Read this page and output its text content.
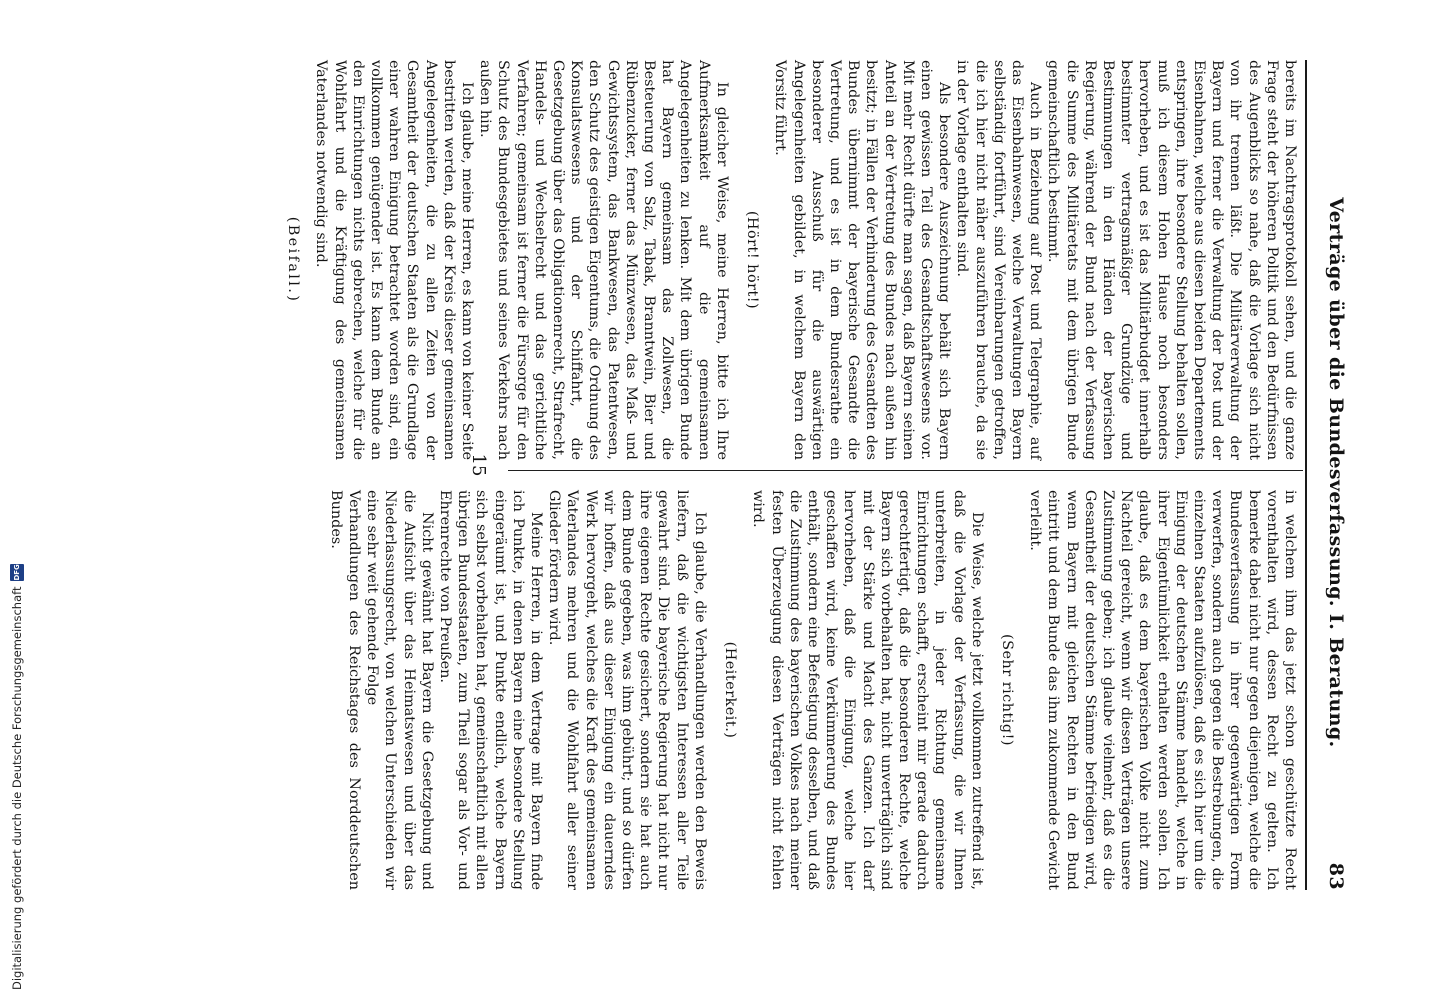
Verträge über die Bundesverfassung. I. Beratung.
83

bereits im Nachtragsprotokoll sehen, und die ganze Frage steht der höheren Politik und den Bedürfnissen des Augenblicks so nahe, daß die Vorlage sich nicht von ihr trennen läßt. Die Militärverwaltung der Bayern und ferner die Verwaltung der Post und der Eisenbahnen, welche aus diesen beiden Departements entspringen, ihre besondere Stellung behalten sollen, muß ich diesem Hohen Hause noch besonders hervorheben, und es ist das Militärbudget innerhalb bestimmter vertragsmäßiger Grundzüge und Bestimmungen in den Händen der bayerischen Regierung, während der Bund nach der Verfassung die Summe des Militäretats mit dem übrigen Bunde gemeinschaftlich bestimmt.

Auch in Beziehung auf Post und Telegraphie, auf das Eisenbahnwesen, welche Verwaltungen Bayern selbständig fortführt, sind Vereinbarungen getroffen, die ich hier nicht näher auszuführen brauche, da sie in der Vorlage enthalten sind.

Als besondere Auszeichnung behält sich Bayern einen gewissen Teil des Gesandtschaftswesens vor. Mit mehr Recht dürfte man sagen, daß Bayern seinen Anteil an der Vertretung des Bundes nach außen hin besitzt; in Fällen der Verhinderung des Gesandten des Bundes übernimmt der bayerische Gesandte die Vertretung, und es ist in dem Bundesrathe ein besonderer Ausschuß für die auswärtigen Angelegenheiten gebildet, in welchem Bayern den Vorsitz führt.

(Hört! hört!)

In gleicher Weise, meine Herren, bitte ich Ihre Aufmerksamkeit auf die gemeinsamen Angelegenheiten zu lenken. Mit dem übrigen Bunde hat Bayern gemeinsam das Zollwesen, die Besteuerung von Salz, Tabak, Branntwein, Bier und Rübenzucker, ferner das Münzwesen, das Maß- und Gewichtssystem, das Bankwesen, das Patentwesen, den Schutz des geistigen Eigentums, die Ordnung des Konsulatswesens und der Schiffahrt, die Gesetzgebung über das Obligationenrecht, Strafrecht, Handels- und Wechselrecht und das gerichtliche Verfahren; gemeinsam ist ferner die Fürsorge für den Schutz des Bundesgebietes und seines Verkehrs nach außen hin.

Ich glaube, meine Herren, es kann von keiner Seite bestritten werden, daß der Kreis dieser gemeinsamen Angelegenheiten, die zu allen Zeiten von der Gesamtheit der deutschen Staaten als die Grundlage einer wahren Einigung betrachtet worden sind, ein vollkommen genügender ist. Es kann dem Bunde an den Einrichtungen nichts gebrechen, welche für die Wohlfahrt und die Kräftigung des gemeinsamen Vaterlandes notwendig sind.

(Beifall.)

in welchem ihm das jetzt schon geschützte Recht vorenthalten wird, dessen Recht zu gelten. Ich bemerke dabei nicht nur gegen diejenigen, welche die Bundesverfassung in ihrer gegenwärtigen Form verwerfen, sondern auch gegen die Bestrebungen, die einzelnen Staaten aufzulösen, daß es sich hier um die Einigung der deutschen Stämme handelt, welche in ihrer Eigentümlichkeit erhalten werden sollen. Ich glaube, daß es dem bayerischen Volke nicht zum Nachteil gereicht, wenn wir diesen Verträgen unsere Zustimmung geben; ich glaube vielmehr, daß es die Gesamtheit der deutschen Stämme befriedigen wird, wenn Bayern mit gleichen Rechten in den Bund eintritt und dem Bunde das ihm zukommende Gewicht verleiht.

(Sehr richtig!)

Die Weise, welche jetzt vollkommen zutreffend ist, daß die Vorlage der Verfassung, die wir Ihnen unterbreiten, in jeder Richtung gemeinsame Einrichtungen schafft, erscheint mir gerade dadurch gerechtfertigt, daß die besonderen Rechte, welche Bayern sich vorbehalten hat, nicht unverträglich sind mit der Stärke und Macht des Ganzen. Ich darf hervorheben, daß die Einigung, welche hier geschaffen wird, keine Verkümmerung des Bundes enthält, sondern eine Befestigung desselben, und daß die Zustimmung des bayerischen Volkes nach meiner festen Überzeugung diesen Verträgen nicht fehlen wird.

(Heiterkeit.)

Ich glaube, die Verhandlungen werden den Beweis liefern, daß die wichtigsten Interessen aller Teile gewahrt sind. Die bayerische Regierung hat nicht nur ihre eigenen Rechte gesichert, sondern sie hat auch dem Bunde gegeben, was ihm gebührt; und so dürfen wir hoffen, daß aus dieser Einigung ein dauerndes Werk hervorgeht, welches die Kraft des gemeinsamen Vaterlandes mehren und die Wohlfahrt aller seiner Glieder fördern wird.

Meine Herren, in dem Vertrage mit Bayern finde ich Punkte, in denen Bayern eine besondere Stellung eingeräumt ist, und Punkte endlich, welche Bayern sich selbst vorbehalten hat, gemeinschaftlich mit allen übrigen Bundesstaaten, zum Theil sogar als Vor- und Ehrenrechte von Preußen.

Nicht gewähnt hat Bayern die Gesetzgebung und die Aufsicht über das Heimatswesen und über das Niederlassungsrecht, von welchen Unterschieden wir eine sehr weit gehende Folge

Verhandlungen des Reichstages des Norddeutschen Bundes.

15
Digitalisierung gefördert durch die Deutsche Forschungsgemeinschaft
DFG
